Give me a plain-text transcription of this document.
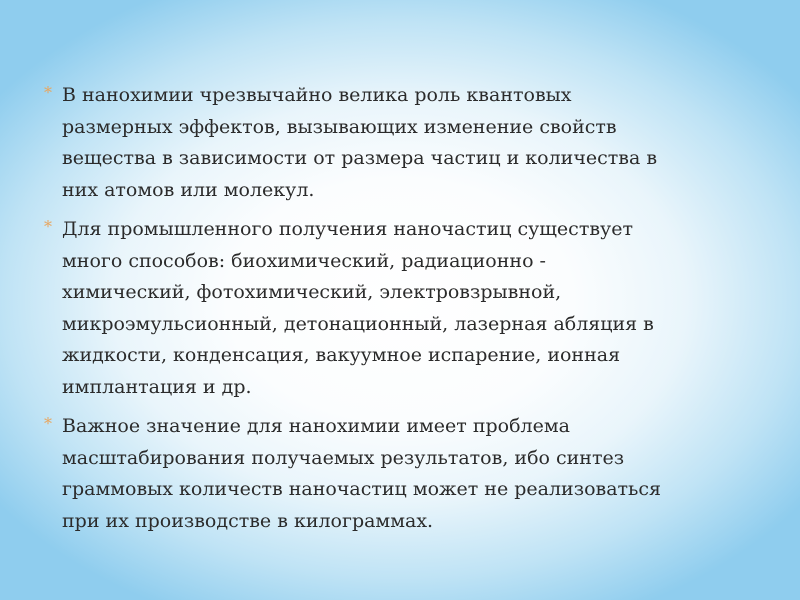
* В нанохимии чрезвычайно велика роль квантовых
размерных эффектов, вызывающих изменение свойств
вещества в зависимости от размера частиц и количества в
них атомов или молекул.
* Для промышленного получения наночастиц существует
много способов: биохимический, радиационно -
химический, фотохимический, электровзрывной,
микроэмульсионный, детонационный, лазерная абляция в
жидкости, конденсация, вакуумное испарение, ионная
имплантация и др.
* Важное значение для нанохимии имеет проблема
масштабирования получаемых результатов, ибо синтез
граммовых количеств наночастиц может не реализоваться
при их производстве в килограммах.
